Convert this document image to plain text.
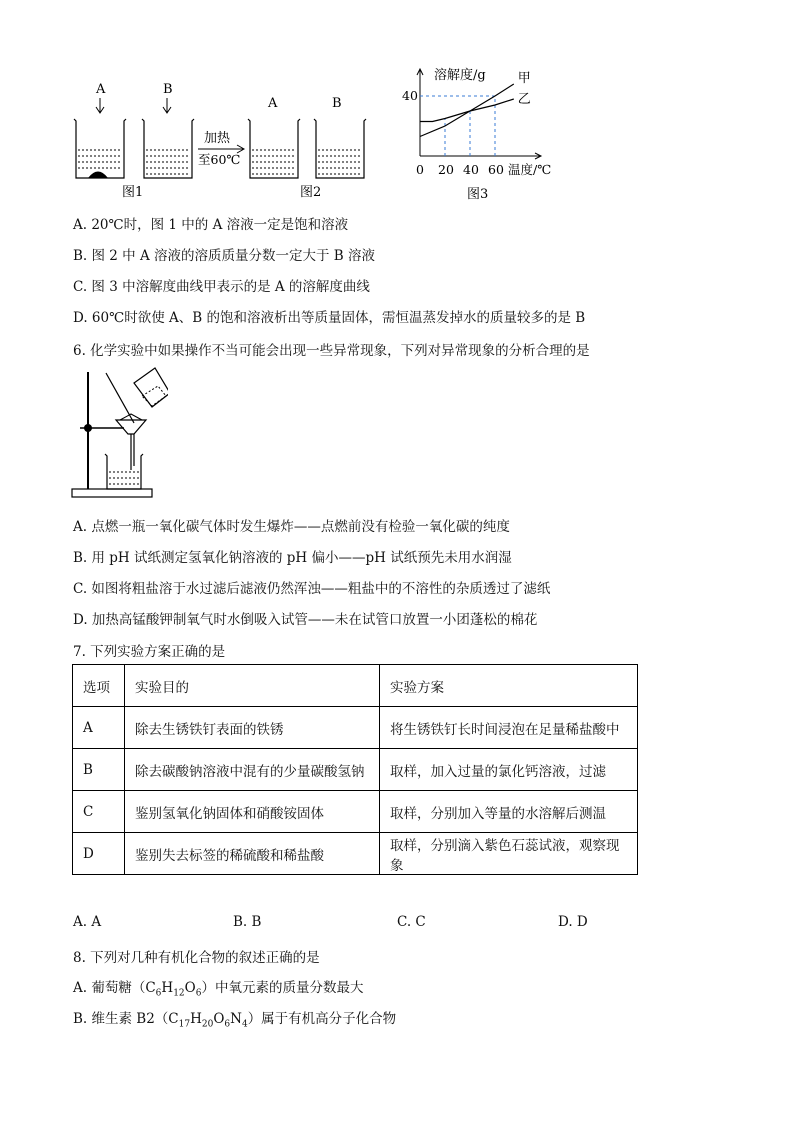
A	B
加热
至60℃
图1
A	B
图2
溶解度/g
温度/℃
0 20 40 60
40
甲
乙
图3
A. 20℃时，图 1 中的 A 溶液一定是饱和溶液
B. 图 2 中 A 溶液的溶质质量分数一定大于 B 溶液
C. 图 3 中溶解度曲线甲表示的是 A 的溶解度曲线
D. 60℃时欲使 A、B 的饱和溶液析出等质量固体，需恒温蒸发掉水的质量较多的是 B
6. 化学实验中如果操作不当可能会出现一些异常现象，下列对异常现象的分析合理的是
A. 点燃一瓶一氧化碳气体时发生爆炸——点燃前没有检验一氧化碳的纯度
B. 用 pH 试纸测定氢氧化钠溶液的 pH 偏小——pH 试纸预先未用水润湿
C. 如图将粗盐溶于水过滤后滤液仍然浑浊——粗盐中的不溶性的杂质透过了滤纸
D. 加热高锰酸钾制氧气时水倒吸入试管——未在试管口放置一小团蓬松的棉花
7. 下列实验方案正确的是
选项	实验目的	实验方案
A	除去生锈铁钉表面的铁锈	将生锈铁钉长时间浸泡在足量稀盐酸中
B	除去碳酸钠溶液中混有的少量碳酸氢钠	取样，加入过量的氯化钙溶液，过滤
C	鉴别氢氧化钠固体和硝酸铵固体	取样，分别加入等量的水溶解后测温
D	鉴别失去标签的稀硫酸和稀盐酸	取样，分别滴入紫色石蕊试液，观察现象
A. A	B. B	C. C	D. D
8. 下列对几种有机化合物的叙述正确的是
A. 葡萄糖$(C_6H_{12}O_6)$中氧元素的质量分数最大
B. 维生素 $B2(C_{17}H_{20}O_6N_4)$属于有机高分子化合物
